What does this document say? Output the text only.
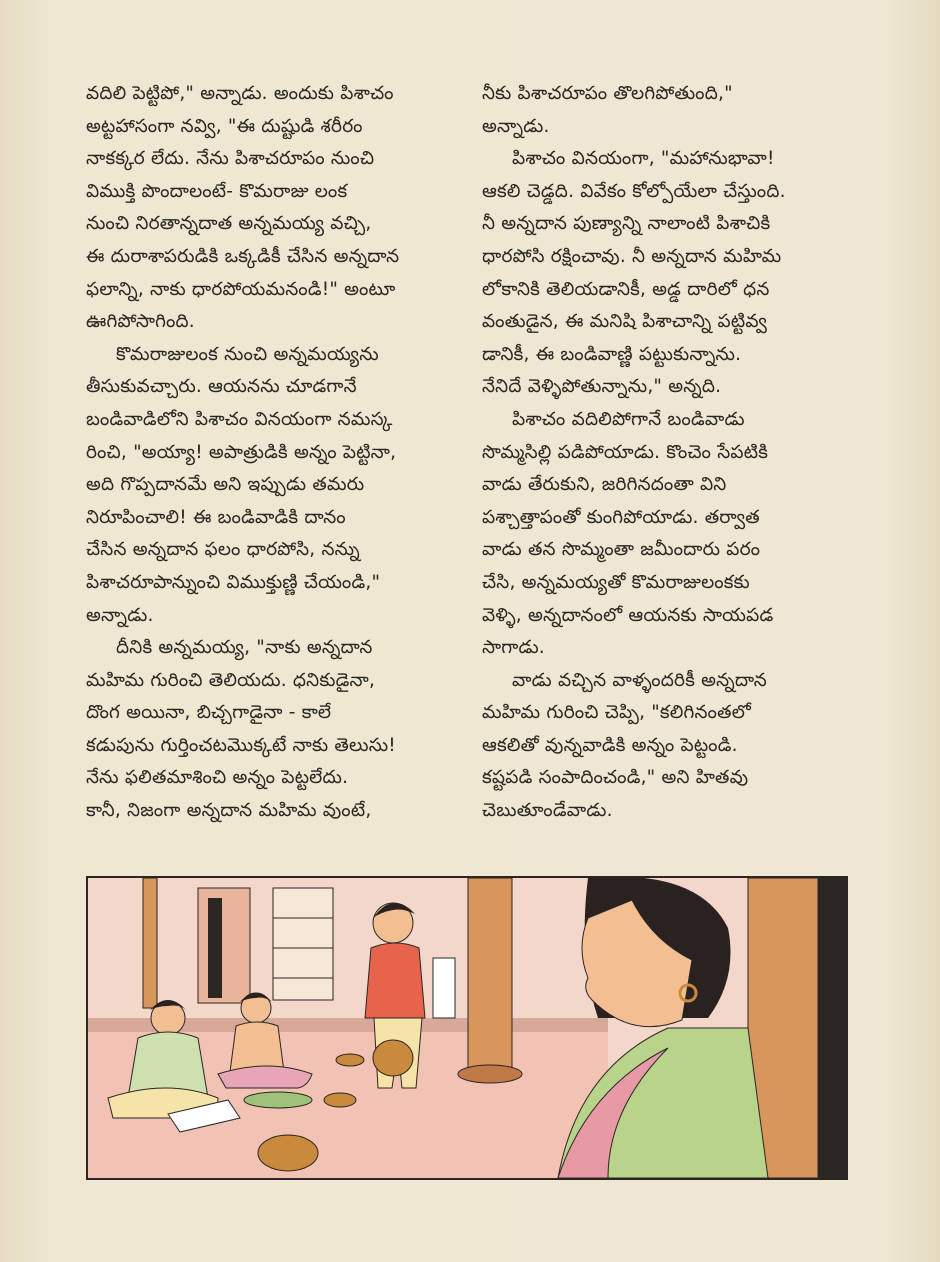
వదిలి పెట్టిపో," అన్నాడు. అందుకు పిశాచం
అట్టహాసంగా నవ్వి, "ఈ దుష్టుడి శరీరం
నాకక్కర లేదు. నేను పిశాచరూపం నుంచి
విముక్తి పొందాలంటే- కొమరాజు లంక
నుంచి నిరతాన్నదాత అన్నమయ్య వచ్చి,
ఈ దురాశాపరుడికి ఒక్కడికీ చేసిన అన్నదాన
ఫలాన్ని, నాకు ధారపోయమనండి!" అంటూ
ఊగిపోసాగింది.

కొమరాజులంక నుంచి అన్నమయ్యను
తీసుకువచ్చారు. ఆయనను చూడగానే
బండివాడిలోని పిశాచం వినయంగా నమస్క
రించి, "అయ్యా! అపాత్రుడికి అన్నం పెట్టినా,
అది గొప్పదానమే అని ఇప్పుడు తమరు
నిరూపించాలి! ఈ బండివాడికి దానం
చేసిన అన్నదాన ఫలం ధారపోసి, నన్ను
పిశాచరూపాన్నుంచి విముక్తుణ్ణి చేయండి,"
అన్నాడు.

దీనికి అన్నమయ్య, "నాకు అన్నదాన
మహిమ గురించి తెలియదు. ధనికుడైనా,
దొంగ అయినా, బిచ్చగాడైనా - కాలే
కడుపును గుర్తించటమొక్కటే నాకు తెలుసు!
నేను ఫలితమాశించి అన్నం పెట్టలేదు.
కానీ, నిజంగా అన్నదాన మహిమ వుంటే,

నీకు పిశాచరూపం తొలగిపోతుంది,"
అన్నాడు.

పిశాచం వినయంగా, "మహానుభావా!
ఆకలి చెడ్డది. వివేకం కోల్పోయేలా చేస్తుంది.
నీ అన్నదాన పుణ్యాన్ని నాలాంటి పిశాచికి
ధారపోసి రక్షించావు. నీ అన్నదాన మహిమ
లోకానికి తెలియడానికీ, అడ్డ దారిలో ధన
వంతుడైన, ఈ మనిషి పిశాచాన్ని పట్టివ్వ
డానికీ, ఈ బండివాణ్ణి పట్టుకున్నాను.
నేనిదే వెళ్ళిపోతున్నాను," అన్నది.

పిశాచం వదిలిపోగానే బండివాడు
సొమ్మసిల్లి పడిపోయాడు. కొంచెం సేపటికి
వాడు తేరుకుని, జరిగినదంతా విని
పశ్చాత్తాపంతో కుంగిపోయాడు. తర్వాత
వాడు తన సొమ్మంతా జమీందారు పరం
చేసి, అన్నమయ్యతో కొమరాజులంకకు
వెళ్ళి, అన్నదానంలో ఆయనకు సాయపడ
సాగాడు.

వాడు వచ్చిన వాళ్ళందరికీ అన్నదాన
మహిమ గురించి చెప్పి, "కలిగినంతలో
ఆకలితో వున్నవాడికి అన్నం పెట్టండి.
కష్టపడి సంపాదించండి," అని హితవు
చెబుతూండేవాడు.
